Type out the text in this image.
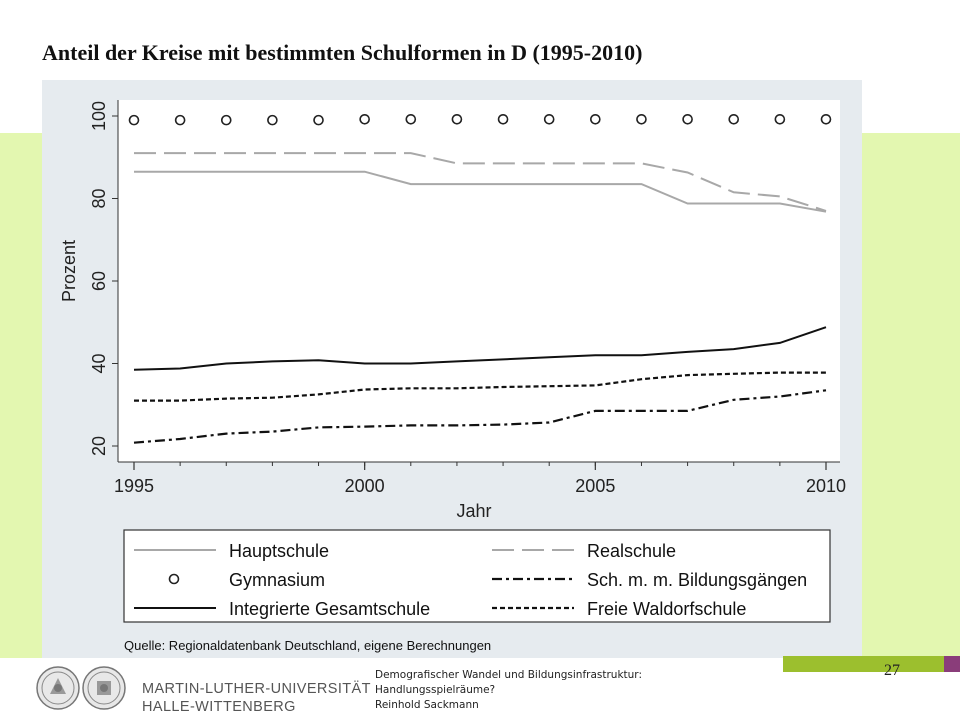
Anteil der Kreise mit bestimmten Schulformen in D (1995-2010)
20
40
60
80
100
1995	2000	2005	2010
Jahr
Prozent
Hauptschule	Realschule
Gymnasium	Sch. m. m. Bildungsgängen
Integrierte Gesamtschule	Freie Waldorfschule
Quelle: Regionaldatenbank Deutschland, eigene Berechnungen
27
MARTIN-LUTHER-UNIVERSITÄT
HALLE-WITTENBERG
Demografischer Wandel und Bildungsinfrastruktur:
Handlungsspielräume?
Reinhold Sackmann
